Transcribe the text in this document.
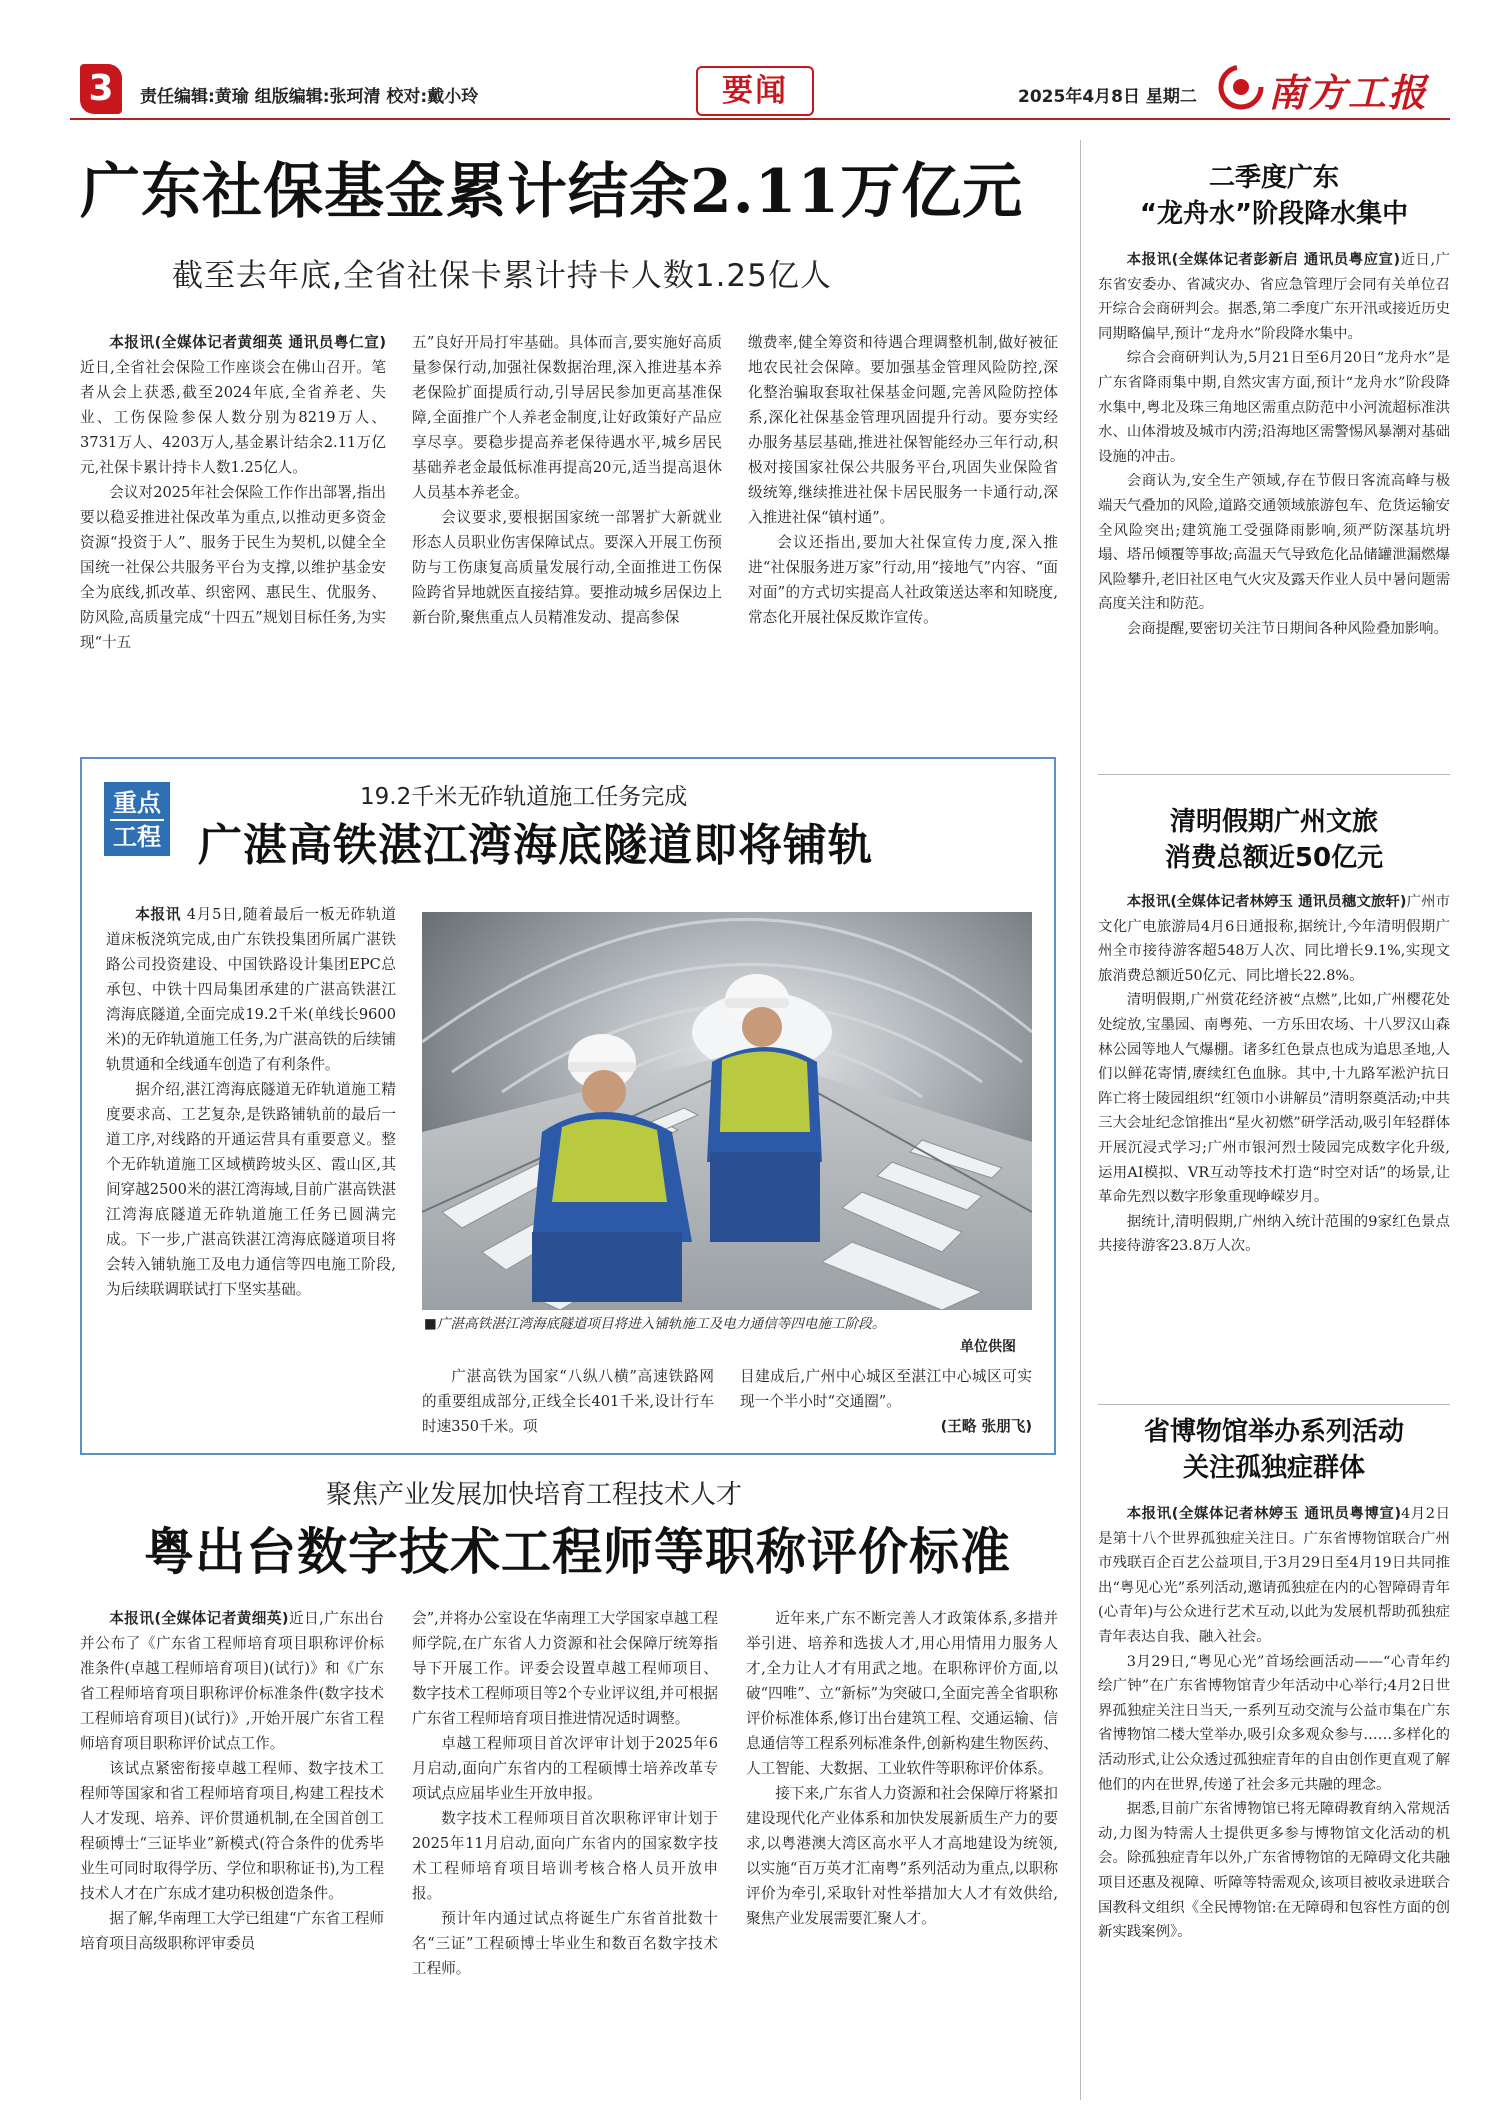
3	责任编辑:黄瑜 组版编辑:张珂清 校对:戴小玲	要闻	2025年4月8日 星期二 南方工报
广东社保基金累计结余2.11万亿元
截至去年底,全省社保卡累计持卡人数1.25亿人

本报讯(全媒体记者黄细英 通讯员粤仁宣)近日,全省社会保险工作座谈会在佛山召开。笔者从会上获悉,截至2024年底,全省养老、失业、工伤保险参保人数分别为8219万人、3731万人、4203万人,基金累计结余2.11万亿元,社保卡累计持卡人数1.25亿人。

会议对2025年社会保险工作作出部署,指出要以稳妥推进社保改革为重点,以推动更多资金资源“投资于人”、服务于民生为契机,以健全全国统一社保公共服务平台为支撑,以维护基金安全为底线,抓改革、织密网、惠民生、优服务、防风险,高质量完成“十四五”规划目标任务,为实现“十五

五”良好开局打牢基础。具体而言,要实施好高质量参保行动,加强社保数据治理,深入推进基本养老保险扩面提质行动,引导居民参加更高基准保障,全面推广个人养老金制度,让好政策好产品应享尽享。要稳步提高养老保待遇水平,城乡居民基础养老金最低标准再提高20元,适当提高退休人员基本养老金。

会议要求,要根据国家统一部署扩大新就业形态人员职业伤害保障试点。要深入开展工伤预防与工伤康复高质量发展行动,全面推进工伤保险跨省异地就医直接结算。要推动城乡居保边上新台阶,聚焦重点人员精准发动、提高参保

缴费率,健全筹资和待遇合理调整机制,做好被征地农民社会保障。要加强基金管理风险防控,深化整治骗取套取社保基金问题,完善风险防控体系,深化社保基金管理巩固提升行动。要夯实经办服务基层基础,推进社保智能经办三年行动,积极对接国家社保公共服务平台,巩固失业保险省级统筹,继续推进社保卡居民服务一卡通行动,深入推进社保“镇村通”。

会议还指出,要加大社保宣传力度,深入推进“社保服务进万家”行动,用“接地气”内容、“面对面”的方式切实提高人社政策送达率和知晓度,常态化开展社保反欺诈宣传。

重点
工程
19.2千米无砟轨道施工任务完成
广湛高铁湛江湾海底隧道即将铺轨

本报讯 4月5日,随着最后一板无砟轨道道床板浇筑完成,由广东铁投集团所属广湛铁路公司投资建设、中国铁路设计集团EPC总承包、中铁十四局集团承建的广湛高铁湛江湾海底隧道,全面完成19.2千米(单线长9600米)的无砟轨道施工任务,为广湛高铁的后续铺轨贯通和全线通车创造了有利条件。

据介绍,湛江湾海底隧道无砟轨道施工精度要求高、工艺复杂,是铁路铺轨前的最后一道工序,对线路的开通运营具有重要意义。整个无砟轨道施工区域横跨坡头区、霞山区,其间穿越2500米的湛江湾海域,目前广湛高铁湛江湾海底隧道无砟轨道施工任务已圆满完成。下一步,广湛高铁湛江湾海底隧道项目将会转入铺轨施工及电力通信等四电施工阶段,为后续联调联试打下坚实基础。

■广湛高铁湛江湾海底隧道项目将进入铺轨施工及电力通信等四电施工阶段。
单位供图

广湛高铁为国家“八纵八横”高速铁路网的重要组成部分,正线全长401千米,设计行车时速350千米。项

目建成后,广州中心城区至湛江中心城区可实现一个半小时“交通圈”。

(王略 张朋飞)

聚焦产业发展加快培育工程技术人才
粤出台数字技术工程师等职称评价标准

本报讯(全媒体记者黄细英)近日,广东出台并公布了《广东省工程师培育项目职称评价标准条件(卓越工程师培育项目)(试行)》和《广东省工程师培育项目职称评价标准条件(数字技术工程师培育项目)(试行)》,开始开展广东省工程师培育项目职称评价试点工作。

该试点紧密衔接卓越工程师、数字技术工程师等国家和省工程师培育项目,构建工程技术人才发现、培养、评价贯通机制,在全国首创工程硕博士“三证毕业”新模式(符合条件的优秀毕业生可同时取得学历、学位和职称证书),为工程技术人才在广东成才建功积极创造条件。

据了解,华南理工大学已组建“广东省工程师培育项目高级职称评审委员

会”,并将办公室设在华南理工大学国家卓越工程师学院,在广东省人力资源和社会保障厅统筹指导下开展工作。评委会设置卓越工程师项目、数字技术工程师项目等2个专业评议组,并可根据广东省工程师培育项目推进情况适时调整。

卓越工程师项目首次评审计划于2025年6月启动,面向广东省内的工程硕博士培养改革专项试点应届毕业生开放申报。

数字技术工程师项目首次职称评审计划于2025年11月启动,面向广东省内的国家数字技术工程师培育项目培训考核合格人员开放申报。

预计年内通过试点将诞生广东省首批数十名“三证”工程硕博士毕业生和数百名数字技术工程师。

近年来,广东不断完善人才政策体系,多措并举引进、培养和选拔人才,用心用情用力服务人才,全力让人才有用武之地。在职称评价方面,以破“四唯”、立“新标”为突破口,全面完善全省职称评价标准体系,修订出台建筑工程、交通运输、信息通信等工程系列标准条件,创新构建生物医药、人工智能、大数据、工业软件等职称评价体系。

接下来,广东省人力资源和社会保障厅将紧扣建设现代化产业体系和加快发展新质生产力的要求,以粤港澳大湾区高水平人才高地建设为统领,以实施“百万英才汇南粤”系列活动为重点,以职称评价为牵引,采取针对性举措加大人才有效供给,聚焦产业发展需要汇聚人才。

二季度广东
“龙舟水”阶段降水集中

本报讯(全媒体记者彭新启 通讯员粤应宣)近日,广东省安委办、省减灾办、省应急管理厅会同有关单位召开综合会商研判会。据悉,第二季度广东开汛或接近历史同期略偏早,预计“龙舟水”阶段降水集中。

综合会商研判认为,5月21日至6月20日“龙舟水”是广东省降雨集中期,自然灾害方面,预计“龙舟水”阶段降水集中,粤北及珠三角地区需重点防范中小河流超标准洪水、山体滑坡及城市内涝;沿海地区需警惕风暴潮对基础设施的冲击。

会商认为,安全生产领域,存在节假日客流高峰与极端天气叠加的风险,道路交通领域旅游包车、危货运输安全风险突出;建筑施工受强降雨影响,须严防深基坑坍塌、塔吊倾覆等事故;高温天气导致危化品储罐泄漏燃爆风险攀升,老旧社区电气火灾及露天作业人员中暑问题需高度关注和防范。

会商提醒,要密切关注节日期间各种风险叠加影响。

清明假期广州文旅
消费总额近50亿元

本报讯(全媒体记者林婷玉 通讯员穗文旅轩)广州市文化广电旅游局4月6日通报称,据统计,今年清明假期广州全市接待游客超548万人次、同比增长9.1%,实现文旅消费总额近50亿元、同比增长22.8%。

清明假期,广州赏花经济被“点燃”,比如,广州樱花处处绽放,宝墨园、南粤苑、一方乐田农场、十八罗汉山森林公园等地人气爆棚。诸多红色景点也成为追思圣地,人们以鲜花寄情,赓续红色血脉。其中,十九路军淞沪抗日阵亡将士陵园组织“红领巾小讲解员”清明祭奠活动;中共三大会址纪念馆推出“星火初燃”研学活动,吸引年轻群体开展沉浸式学习;广州市银河烈士陵园完成数字化升级,运用AI模拟、VR互动等技术打造“时空对话”的场景,让革命先烈以数字形象重现峥嵘岁月。

据统计,清明假期,广州纳入统计范围的9家红色景点共接待游客23.8万人次。

省博物馆举办系列活动
关注孤独症群体

本报讯(全媒体记者林婷玉 通讯员粤博宣)4月2日是第十八个世界孤独症关注日。广东省博物馆联合广州市残联百企百艺公益项目,于3月29日至4月19日共同推出“粤见心光”系列活动,邀请孤独症在内的心智障碍青年(心青年)与公众进行艺术互动,以此为发展机帮助孤独症青年表达自我、融入社会。

3月29日,“粤见心光”首场绘画活动——“心青年约绘广钟”在广东省博物馆青少年活动中心举行;4月2日世界孤独症关注日当天,一系列互动交流与公益市集在广东省博物馆二楼大堂举办,吸引众多观众参与……多样化的活动形式,让公众透过孤独症青年的自由创作更直观了解他们的内在世界,传递了社会多元共融的理念。

据悉,目前广东省博物馆已将无障碍教育纳入常规活动,力图为特需人士提供更多参与博物馆文化活动的机会。除孤独症青年以外,广东省博物馆的无障碍文化共融项目还惠及视障、听障等特需观众,该项目被收录进联合国教科文组织《全民博物馆:在无障碍和包容性方面的创新实践案例》。
